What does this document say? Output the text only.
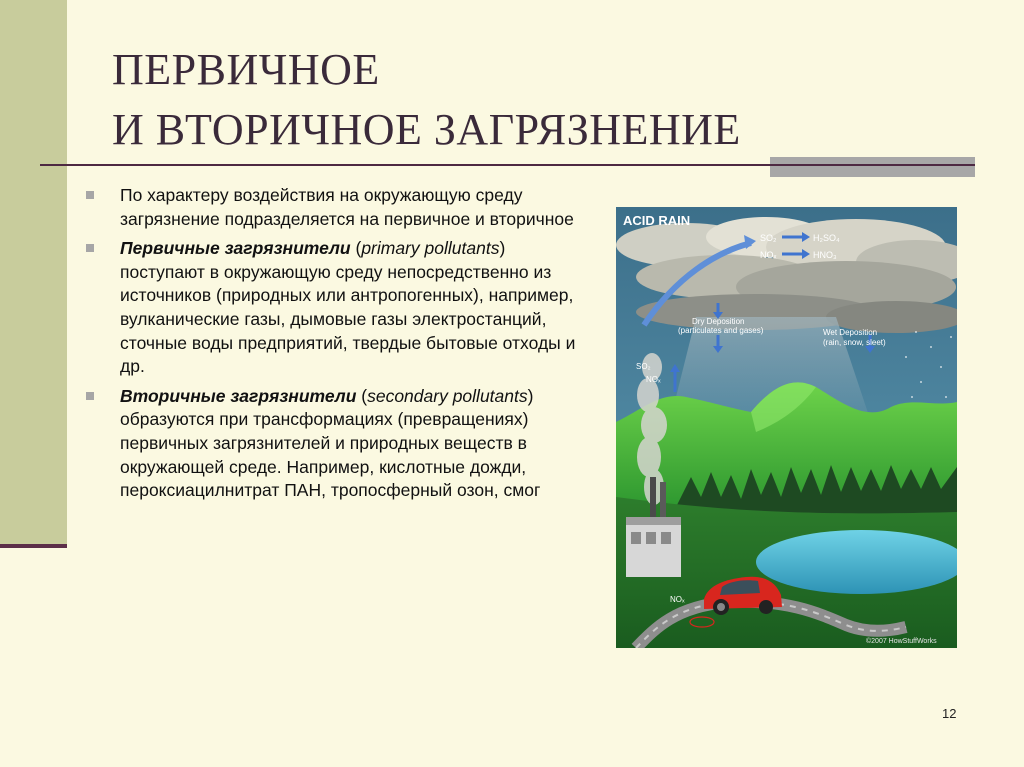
ПЕРВИЧНОЕ
И ВТОРИЧНОЕ ЗАГРЯЗНЕНИЕ
По характеру воздействия на окружающую среду загрязнение подразделяется на первичное и вторичное
Первичные загрязнители (primary pollutants) поступают в окружающую среду непосредственно из источников (природных или антропогенных), например, вулканические газы, дымовые газы электростанций, сточные воды предприятий, твердые бытовые отходы и др.
Вторичные загрязнители (secondary pollutants) образуются при трансформациях (превращениях) первичных загрязнителей и природных веществ в окружающей среде. Например, кислотные дожди, пероксиацилнитрат ПАН, тропосферный озон, смог
ACID RAIN
SO₂	H₂SO₄
NOₓ	HNO₃
Dry Deposition
(particulates and gases)	Wet Deposition
(rain, snow, sleet)
SO₂
NOₓ
NOₓ
©2007 HowStuffWorks
12
